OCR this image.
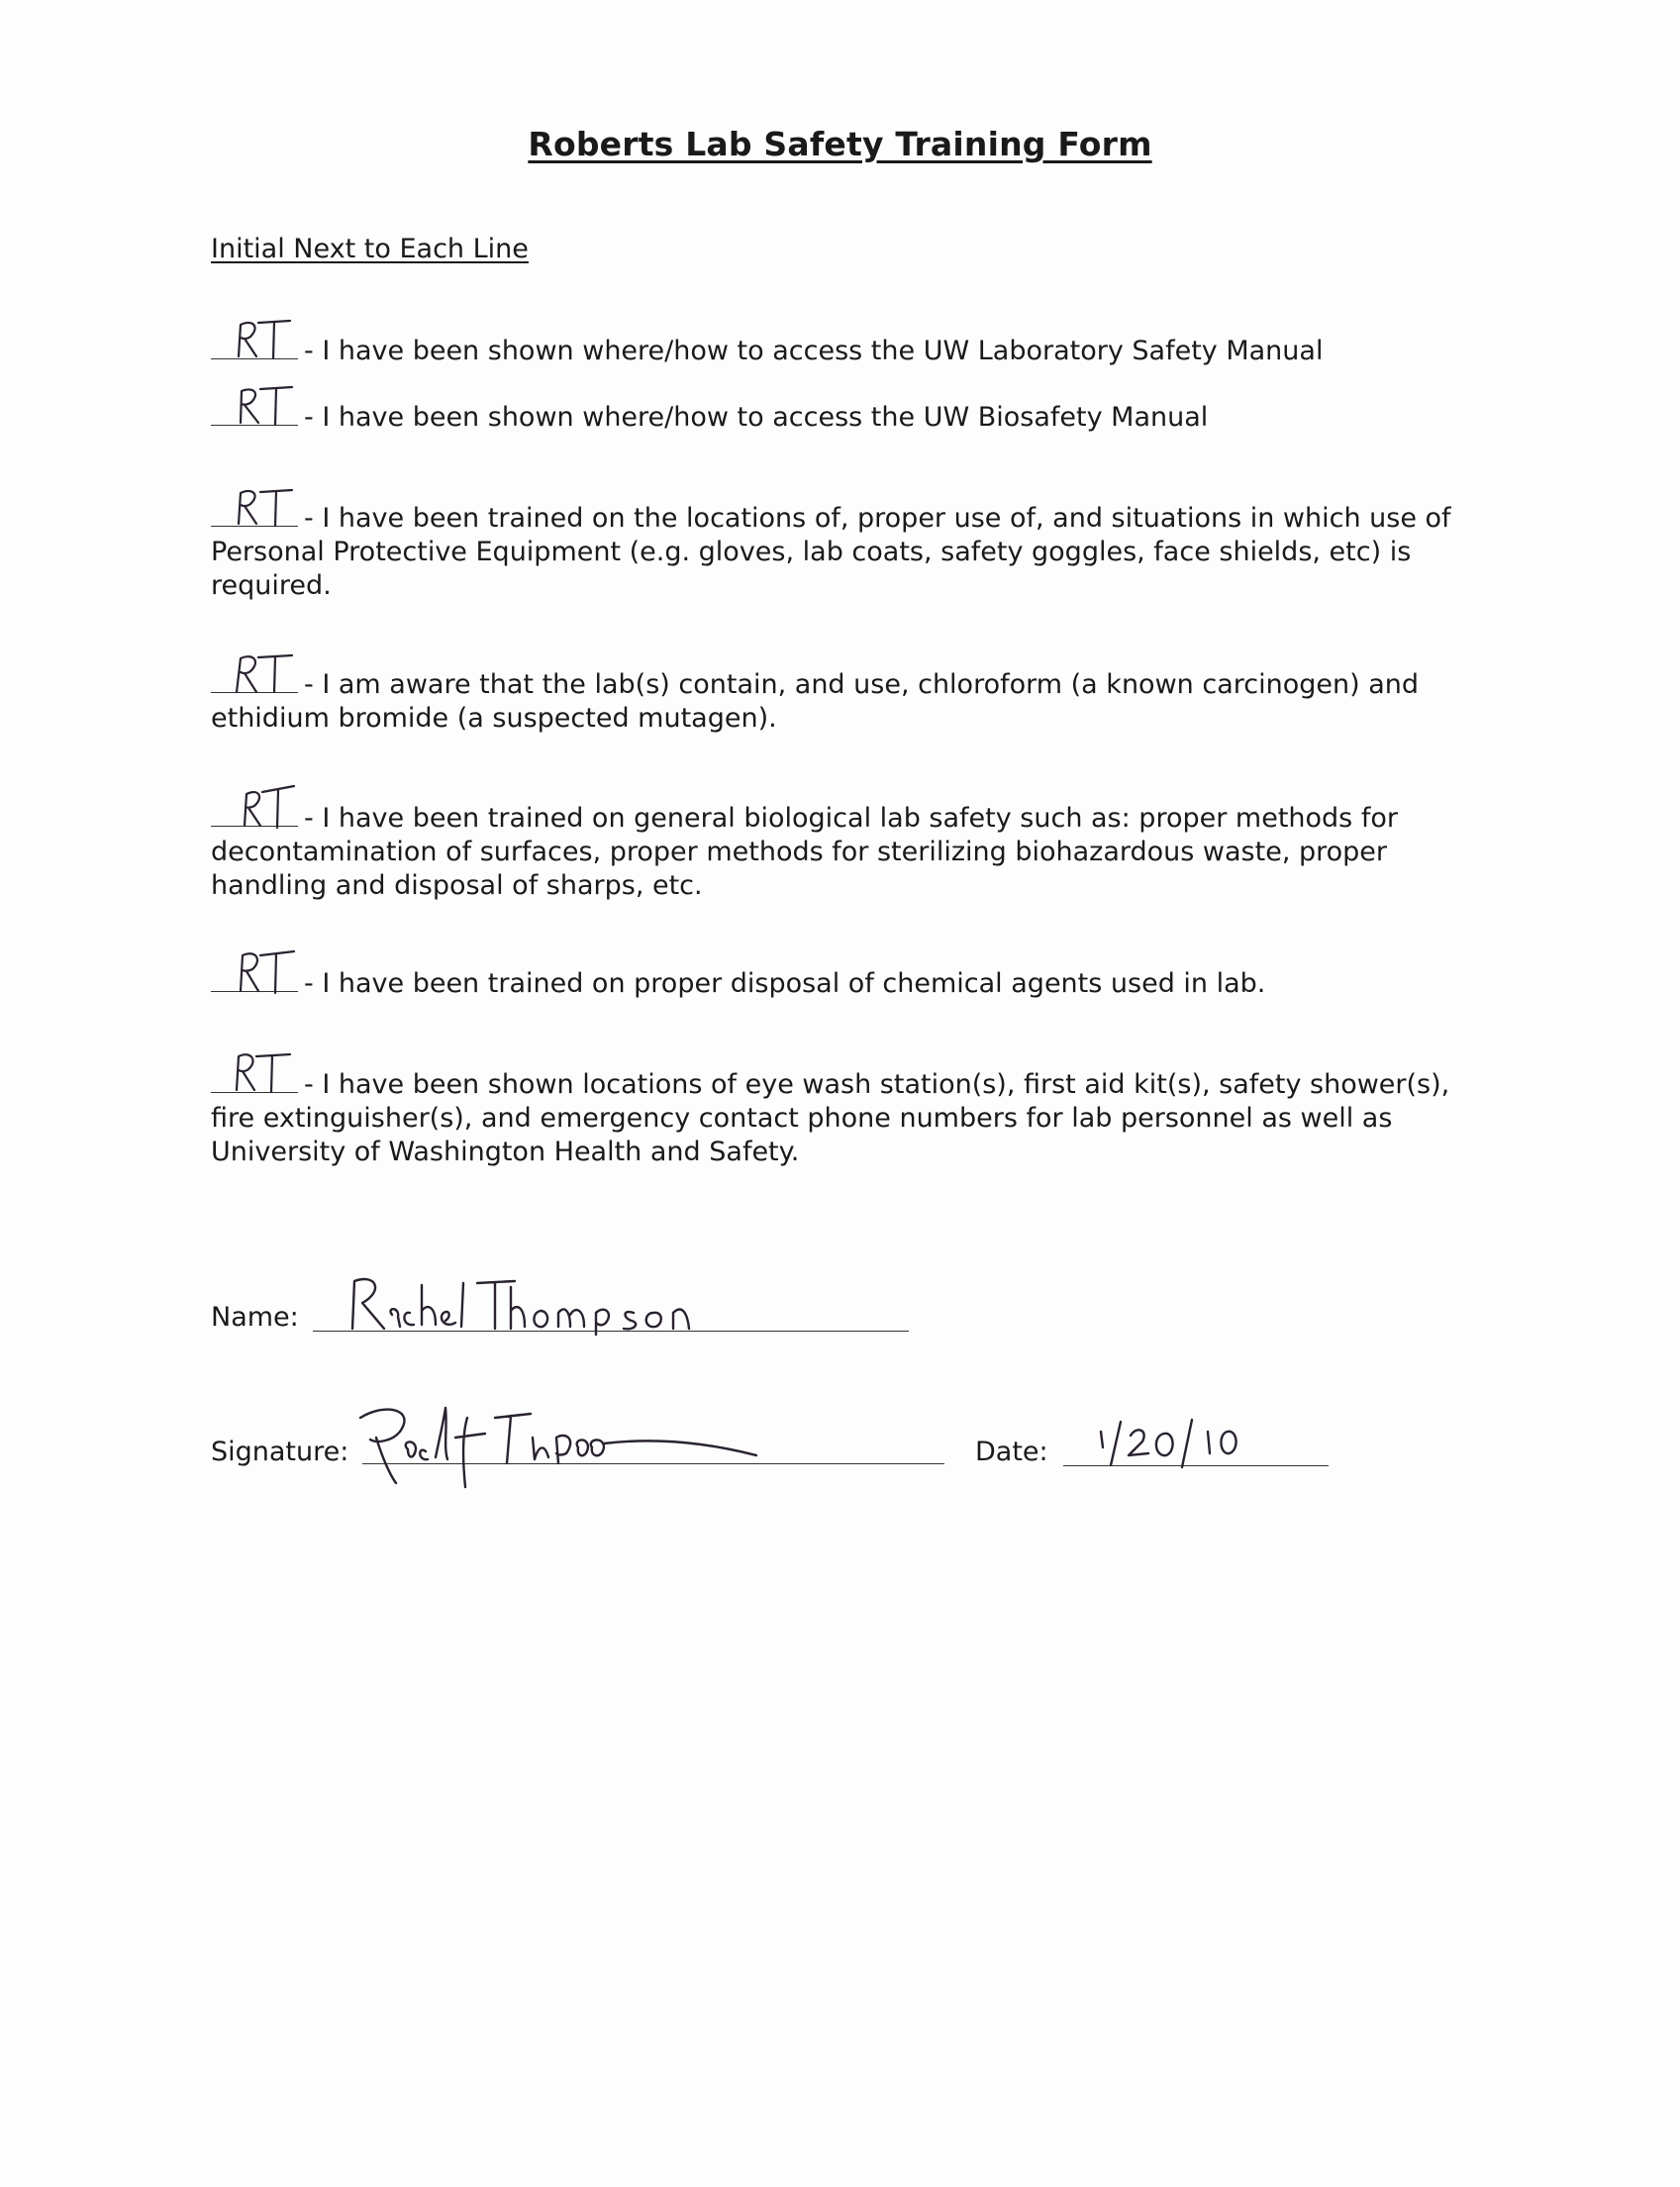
Roberts Lab Safety Training Form
Initial Next to Each Line
- I have been shown where/how to access the UW Laboratory Safety Manual
- I have been shown where/how to access the UW Biosafety Manual
- I have been trained on the locations of, proper use of, and situations in which use of Personal Protective Equipment (e.g. gloves, lab coats, safety goggles, face shields, etc) is required.
- I am aware that the lab(s) contain, and use, chloroform (a known carcinogen) and ethidium bromide (a suspected mutagen).
- I have been trained on general biological lab safety such as: proper methods for decontamination of surfaces, proper methods for sterilizing biohazardous waste, proper handling and disposal of sharps, etc.
- I have been trained on proper disposal of chemical agents used in lab.
- I have been shown locations of eye wash station(s), first aid kit(s), safety shower(s), fire extinguisher(s), and emergency contact phone numbers for lab personnel as well as University of Washington Health and Safety.
Name:
Signature:	Date:
